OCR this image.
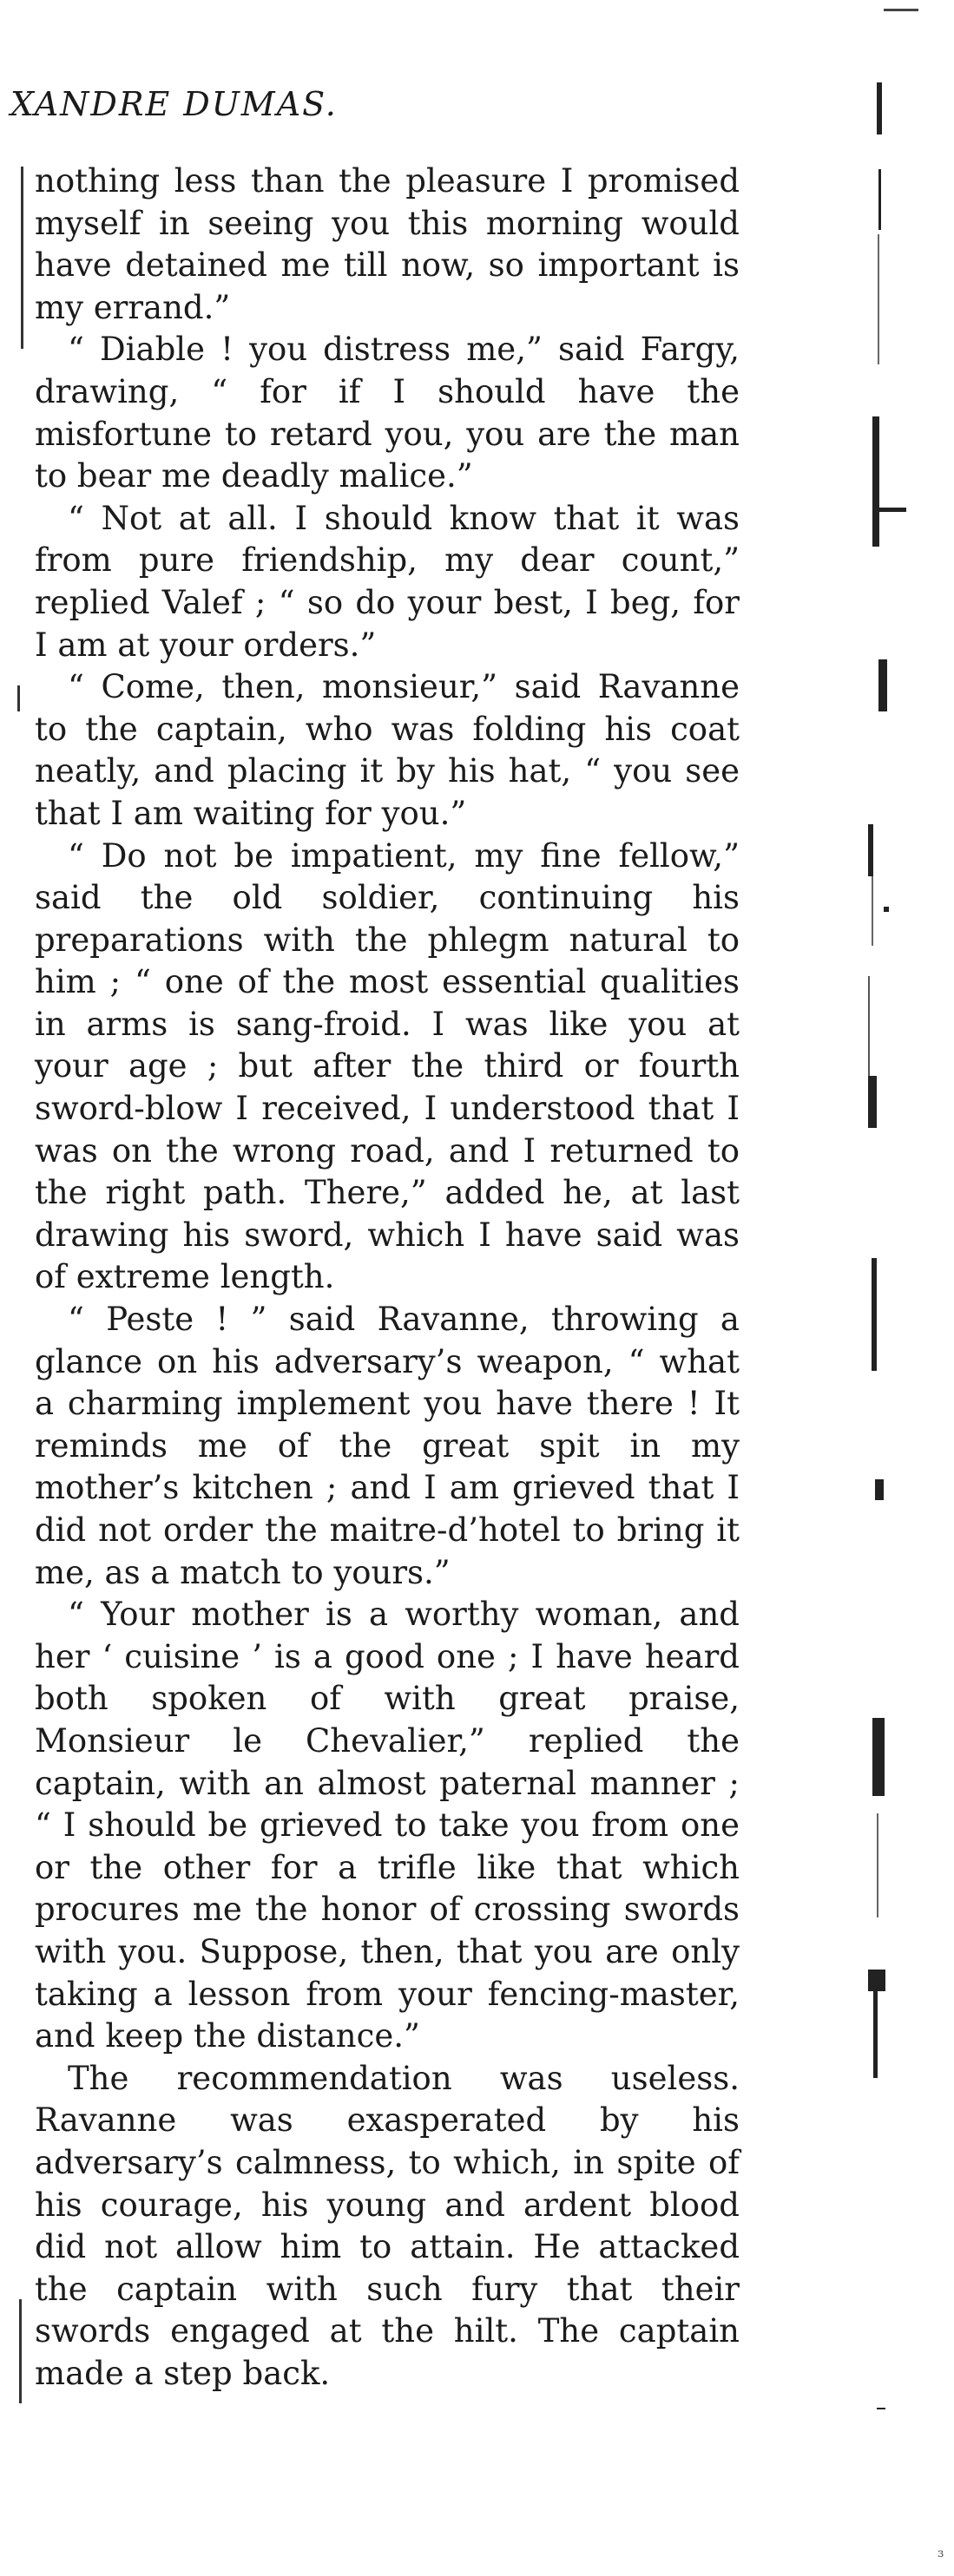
XANDRE DUMAS.

nothing less than the pleasure I promised myself in seeing you this morning would have detained me till now, so important is my errand.”

“ Diable ! you distress me,” said Fargy, drawing, “ for if I should have the misfortune to retard you, you are the man to bear me deadly malice.”

“ Not at all. I should know that it was from pure friendship, my dear count,” replied Valef ; “ so do your best, I beg, for I am at your orders.”

“ Come, then, monsieur,” said Ravanne to the captain, who was folding his coat neatly, and placing it by his hat, “ you see that I am waiting for you.”

“ Do not be impatient, my fine fellow,” said the old soldier, continuing his preparations with the phlegm natural to him ; “ one of the most essential qualities in arms is sang-froid. I was like you at your age ; but after the third or fourth sword-blow I received, I understood that I was on the wrong road, and I returned to the right path. There,” added he, at last drawing his sword, which I have said was of extreme length.

“ Peste ! ” said Ravanne, throwing a glance on his adversary’s weapon, “ what a charming implement you have there ! It reminds me of the great spit in my mother’s kitchen ; and I am grieved that I did not order the maitre-d’hotel to bring it me, as a match to yours.”

“ Your mother is a worthy woman, and her ‘ cuisine ’ is a good one ; I have heard both spoken of with great praise, Monsieur le Chevalier,” replied the captain, with an almost paternal manner ; “ I should be grieved to take you from one or the other for a trifle like that which procures me the honor of crossing swords with you. Suppose, then, that you are only taking a lesson from your fencing-master, and keep the distance.”

The recommendation was useless. Ravanne was exasperated by his adversary’s calmness, to which, in spite of his courage, his young and ardent blood did not allow him to attain. He attacked the captain with such fury that their swords engaged at the hilt. The captain made a step back.

ɜ
